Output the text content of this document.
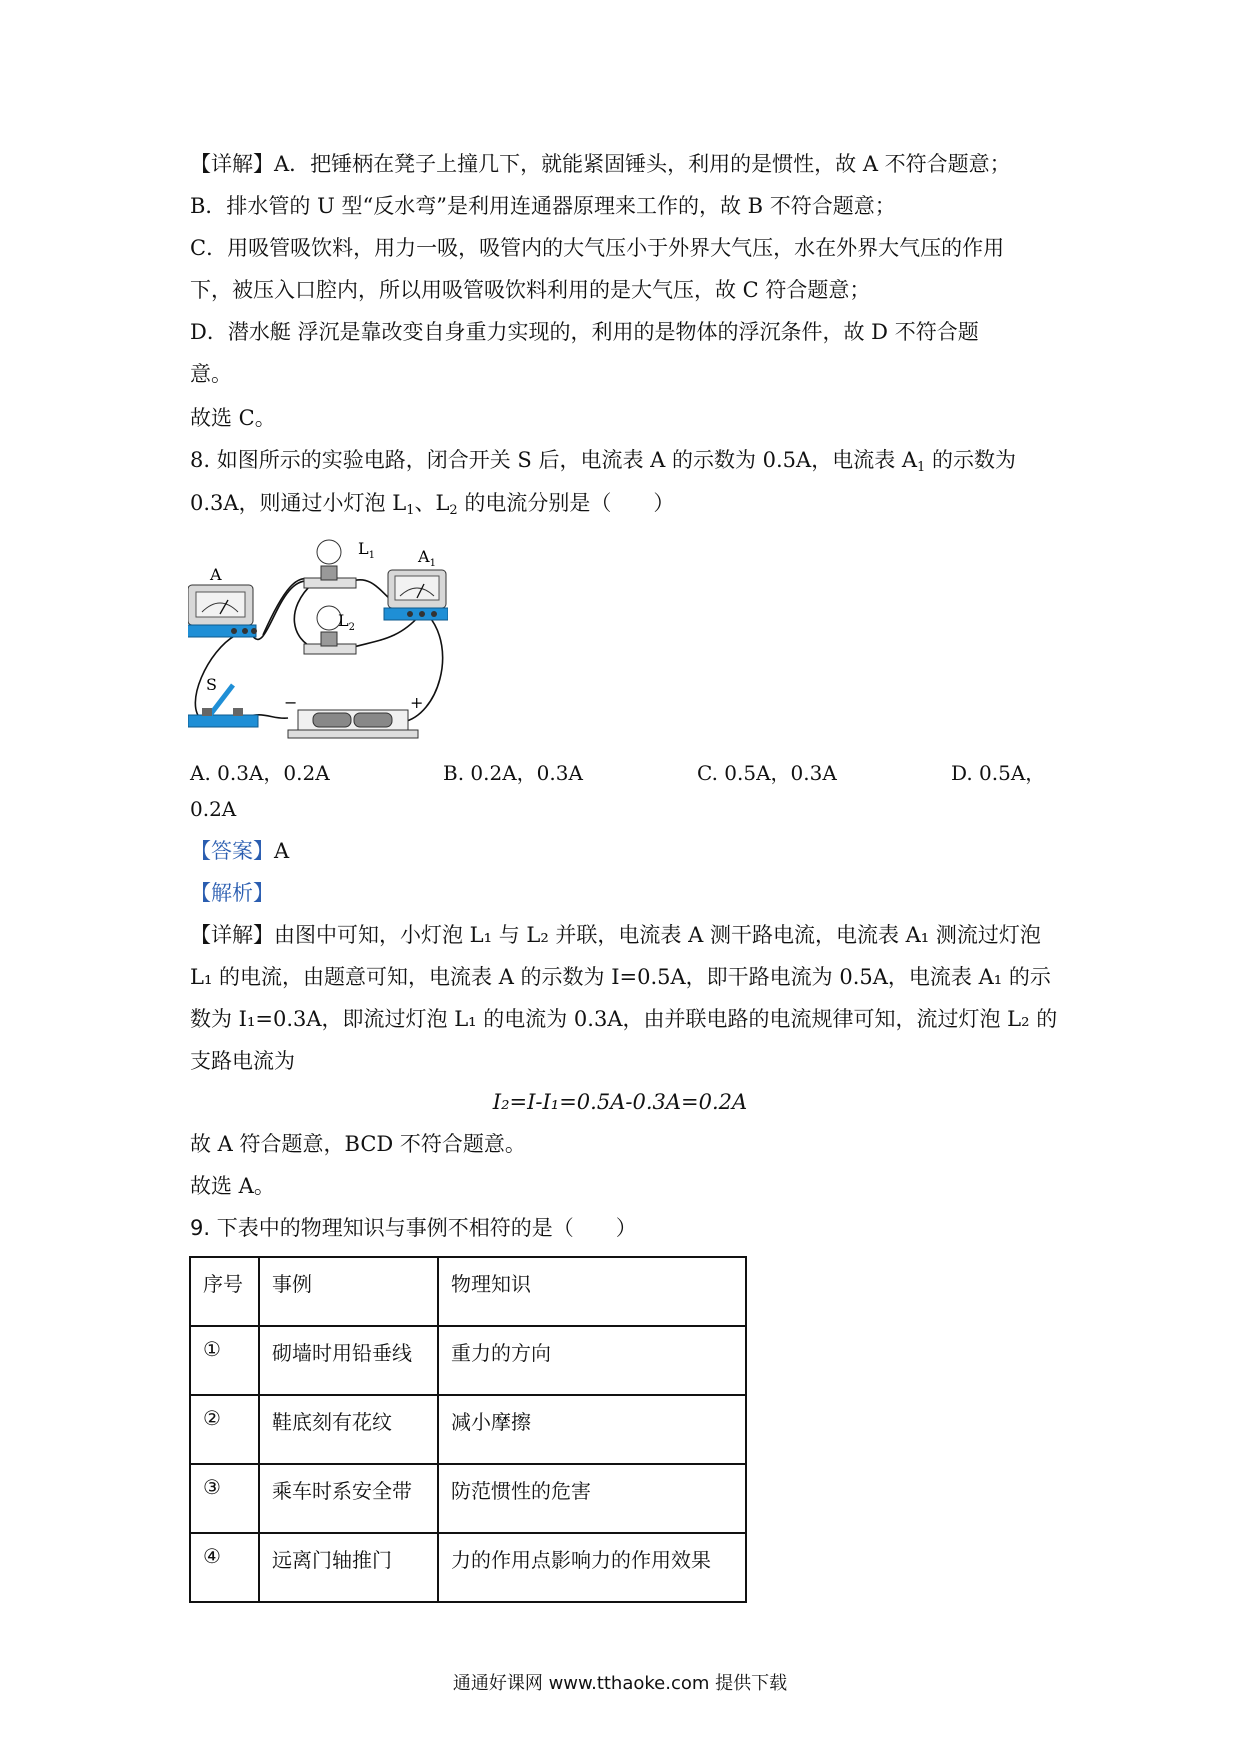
【详解】A．把锤柄在凳子上撞几下，就能紧固锤头，利用的是惯性，故 A 不符合题意；
B．排水管的 U 型“反水弯”是利用连通器原理来工作的，故 B 不符合题意；
C．用吸管吸饮料，用力一吸，吸管内的大气压小于外界大气压，水在外界大气压的作用
下，被压入口腔内，所以用吸管吸饮料利用的是大气压，故 C 符合题意；
D．潜水艇 浮沉是靠改变自身重力实现的，利用的是物体的浮沉条件，故 D 不符合题
意。
故选 C。
8. 如图所示的实验电路，闭合开关 S 后，电流表 A 的示数为 0.5A，电流表 $A_1$ 的示数为
0.3A，则通过小灯泡 $L_1$、$L_2$ 的电流分别是（　　）
A
$L_1$
$L_2$
$A_1$
S
−	+
A. 0.3A，0.2A	B. 0.2A，0.3A	C. 0.5A，0.3A	D. 0.5A，
0.2A
【答案】A
【解析】
【详解】由图中可知，小灯泡 L₁ 与 L₂ 并联，电流表 A 测干路电流，电流表 A₁ 测流过灯泡
L₁ 的电流，由题意可知，电流表 A 的示数为 I=0.5A，即干路电流为 0.5A，电流表 A₁ 的示
数为 I₁=0.3A，即流过灯泡 L₁ 的电流为 0.3A，由并联电路的电流规律可知，流过灯泡 L₂ 的
支路电流为
I₂=I-I₁=0.5A-0.3A=0.2A
故 A 符合题意，BCD 不符合题意。
故选 A。
9. 下表中的物理知识与事例不相符的是（　　）
序号	事例	物理知识
①	砌墙时用铅垂线	重力的方向
②	鞋底刻有花纹	减小摩擦
③	乘车时系安全带	防范惯性的危害
④	远离门轴推门	力的作用点影响力的作用效果
通通好课网 www.tthaoke.com 提供下载
